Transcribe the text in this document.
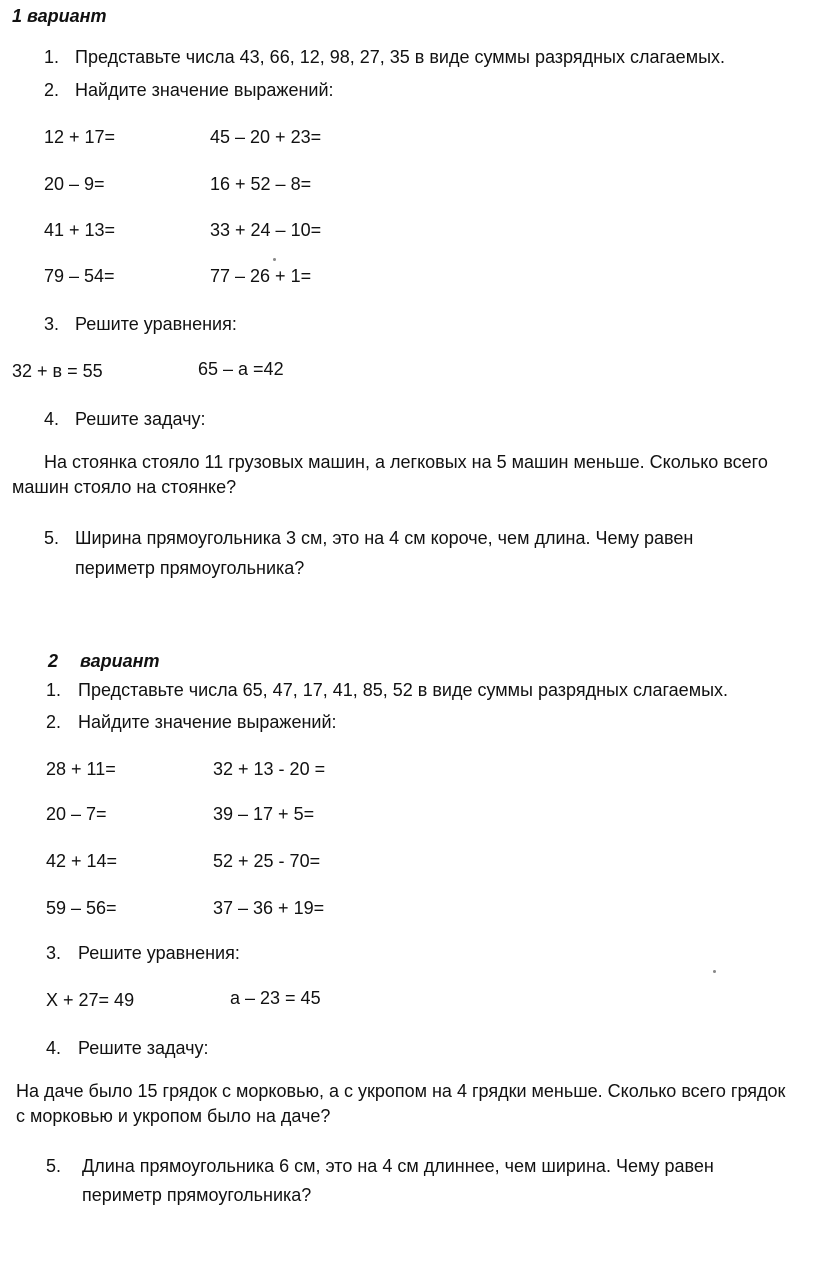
1 вариант
1. Представьте числа 43, 66, 12, 98, 27, 35 в виде суммы разрядных слагаемых.
2. Найдите значение выражений:
12 + 17=	45 – 20 + 23=
20 – 9=	16 + 52 – 8=
41 + 13=	33 + 24 – 10=
79 – 54=	77 – 26 + 1=
3. Решите уравнения:
32 + в = 55	65 – а =42
4. Решите задачу:
На стоянка стояло 11 грузовых машин, а легковых на 5 машин меньше. Сколько всего машин стояло на стоянке?
5. Ширина прямоугольника 3 см, это на 4 см короче, чем длина. Чему равен
периметр прямоугольника?
2 вариант
1. Представьте числа 65, 47, 17, 41, 85, 52 в виде суммы разрядных слагаемых.
2. Найдите значение выражений:
28 + 11=	32 + 13 - 20 =
20 – 7=	39 – 17 + 5=
42 + 14=	52 + 25 - 70=
59 – 56=	37 – 36 + 19=
3. Решите уравнения:
X + 27= 49	а – 23 = 45
4. Решите задачу:
На даче было 15 грядок с морковью, а с укропом на 4 грядки меньше. Сколько всего грядок с морковью и укропом было на даче?
5. Длина прямоугольника 6 см, это на 4 см длиннее, чем ширина. Чему равен
периметр прямоугольника?
